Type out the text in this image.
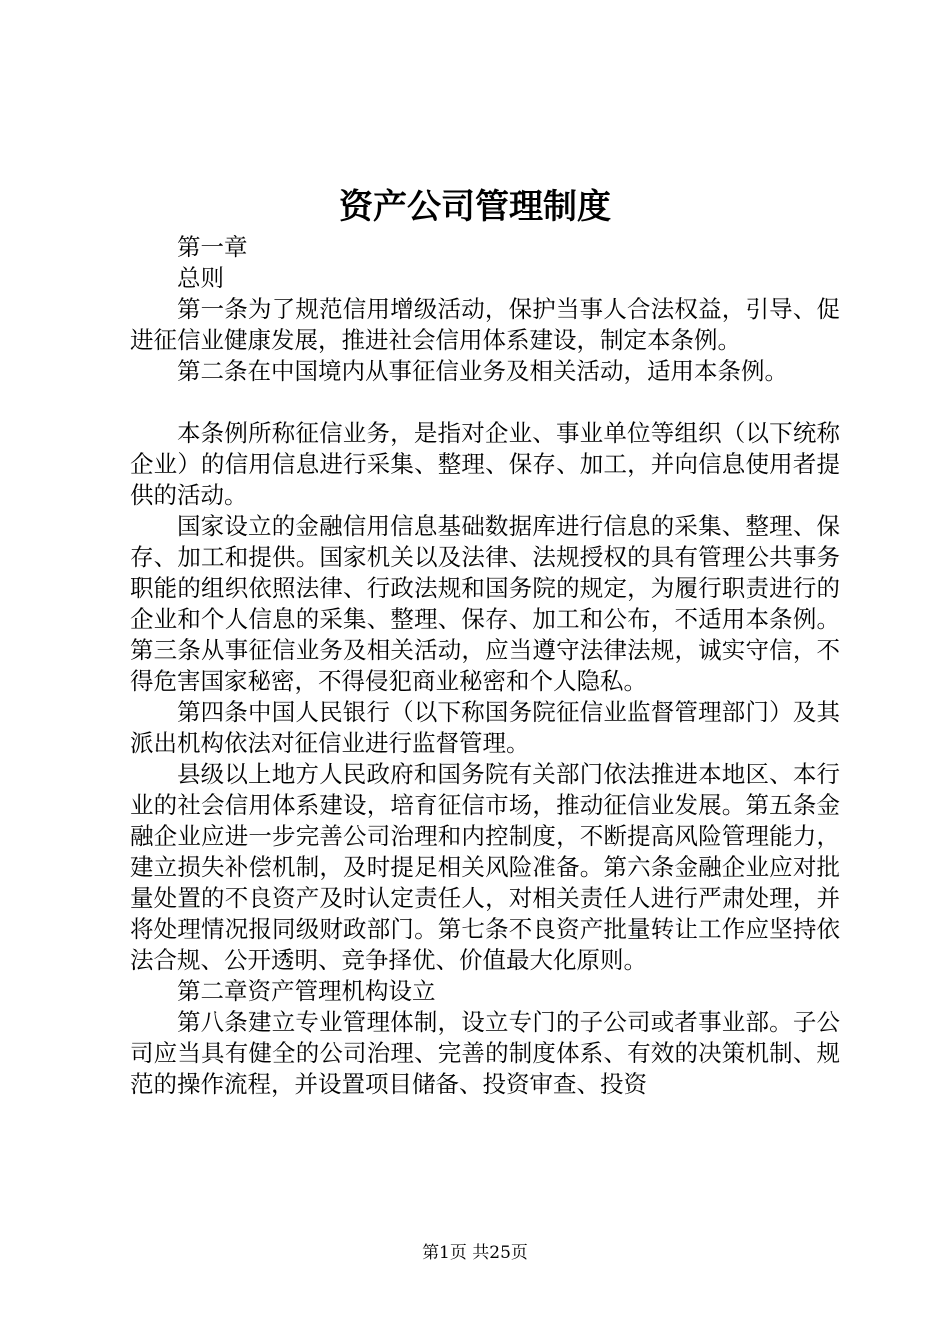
资产公司管理制度

第一章

总则

第一条为了规范信用增级活动，保护当事人合法权益，引导、促进征信业健康发展，推进社会信用体系建设，制定本条例。

第二条在中国境内从事征信业务及相关活动，适用本条例。

本条例所称征信业务，是指对企业、事业单位等组织（以下统称企业）的信用信息进行采集、整理、保存、加工，并向信息使用者提供的活动。

国家设立的金融信用信息基础数据库进行信息的采集、整理、保存、加工和提供。国家机关以及法律、法规授权的具有管理公共事务职能的组织依照法律、行政法规和国务院的规定，为履行职责进行的企业和个人信息的采集、整理、保存、加工和公布，不适用本条例。第三条从事征信业务及相关活动，应当遵守法律法规，诚实守信，不得危害国家秘密，不得侵犯商业秘密和个人隐私。

第四条中国人民银行（以下称国务院征信业监督管理部门）及其派出机构依法对征信业进行监督管理。

县级以上地方人民政府和国务院有关部门依法推进本地区、本行业的社会信用体系建设，培育征信市场，推动征信业发展。第五条金融企业应进一步完善公司治理和内控制度，不断提高风险管理能力，建立损失补偿机制，及时提足相关风险准备。第六条金融企业应对批量处置的不良资产及时认定责任人，对相关责任人进行严肃处理，并将处理情况报同级财政部门。第七条不良资产批量转让工作应坚持依法合规、公开透明、竞争择优、价值最大化原则。

第二章资产管理机构设立

第八条建立专业管理体制，设立专门的子公司或者事业部。子公司应当具有健全的公司治理、完善的制度体系、有效的决策机制、规范的操作流程，并设置项目储备、投资审查、投资

第1页 共25页
